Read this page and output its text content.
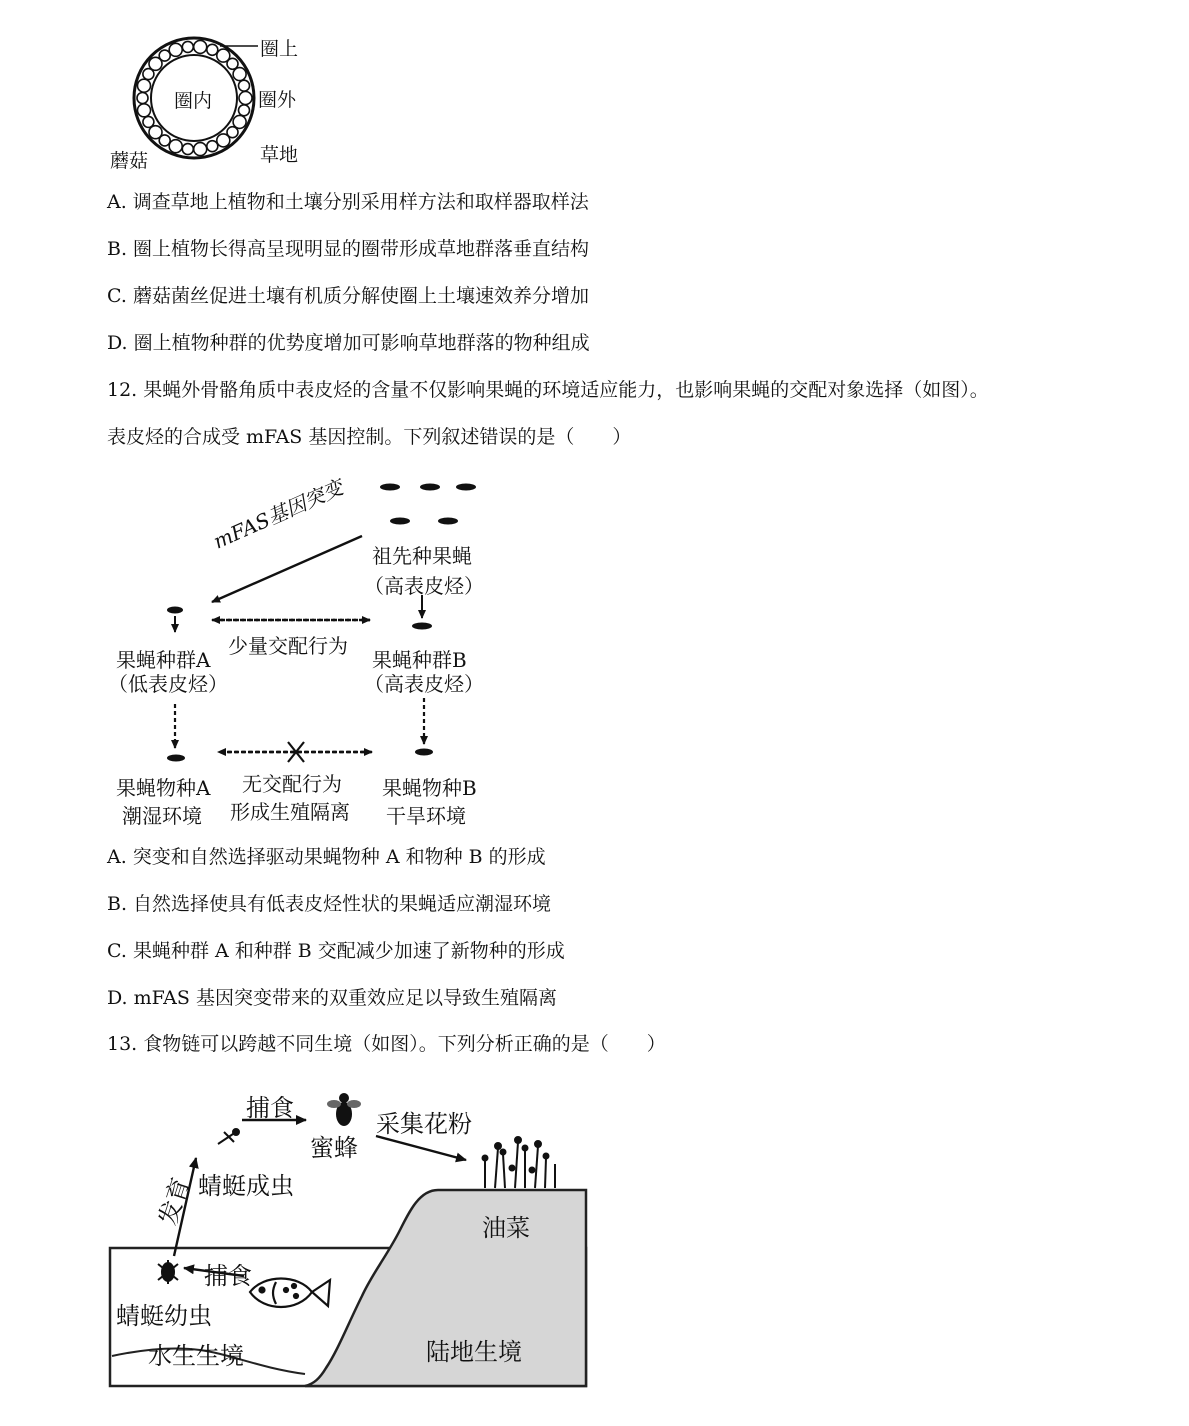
圈内
圈上
圈外
蘑菇	草地
A. 调查草地上植物和土壤分别采用样方法和取样器取样法
B. 圈上植物长得高呈现明显的圈带形成草地群落垂直结构
C. 蘑菇菌丝促进土壤有机质分解使圈上土壤速效养分增加
D. 圈上植物种群的优势度增加可影响草地群落的物种组成
12. 果蝇外骨骼角质中表皮烃的含量不仅影响果蝇的环境适应能力，也影响果蝇的交配对象选择（如图）。
表皮烃的合成受 mFAS 基因控制。下列叙述错误的是（　　）
mFAS基因突变
祖先种果蝇
（高表皮烃）
果蝇种群A
（低表皮烃）
少量交配行为
果蝇种群B
（高表皮烃）
果蝇物种A
潮湿环境
无交配行为
形成生殖隔离
果蝇物种B
干旱环境
A. 突变和自然选择驱动果蝇物种 A 和物种 B 的形成
B. 自然选择使具有低表皮烃性状的果蝇适应潮湿环境
C. 果蝇种群 A 和种群 B 交配减少加速了新物种的形成
D. mFAS 基因突变带来的双重效应足以导致生殖隔离
13. 食物链可以跨越不同生境（如图）。下列分析正确的是（　　）
捕食
蜜蜂
采集花粉
发育 蜻蜓成虫
油菜
捕食
蜻蜓幼虫
水生生境	陆地生境
